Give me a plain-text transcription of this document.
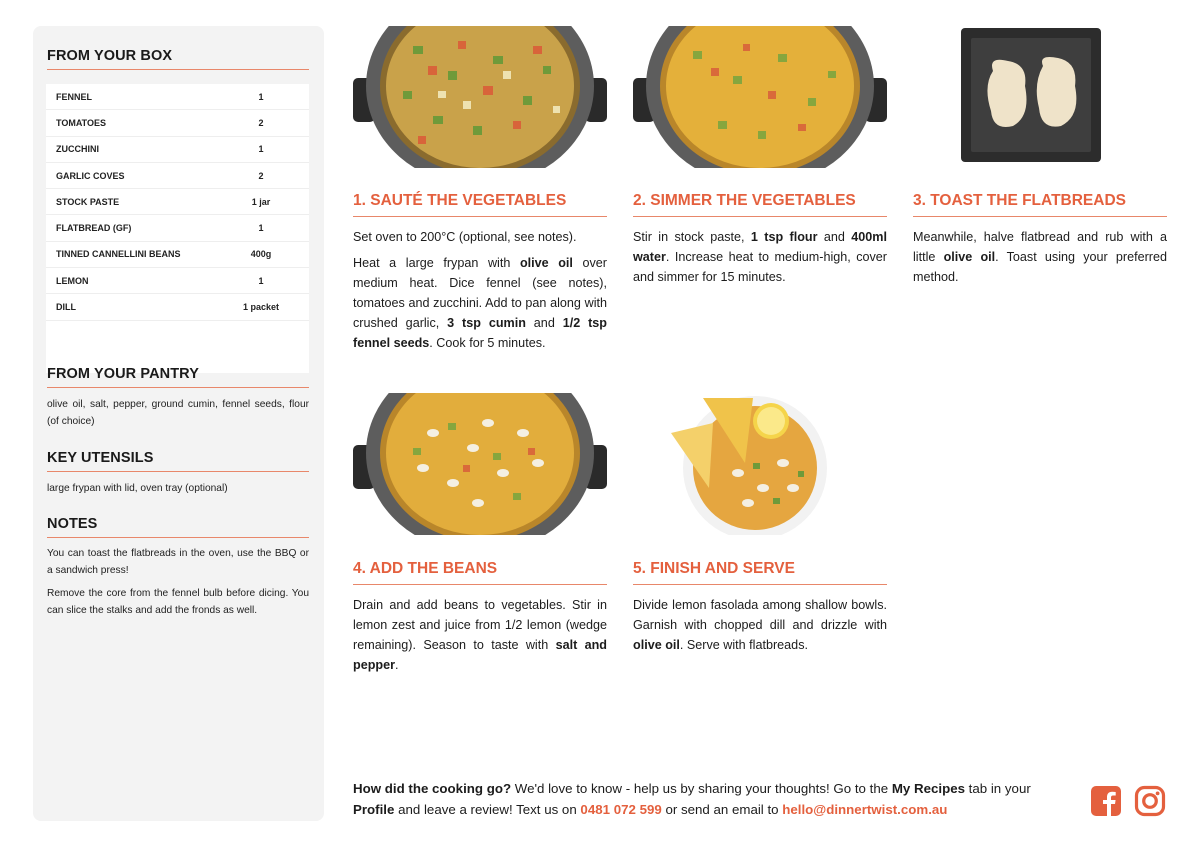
FROM YOUR BOX
FENNEL	1
TOMATOES	2
ZUCCHINI	1
GARLIC COVES	2
STOCK PASTE	1 jar
FLATBREAD (GF)	1
TINNED CANNELLINI BEANS	400g
LEMON	1
DILL	1 packet
FROM YOUR PANTRY
olive oil, salt, pepper, ground cumin, fennel seeds, flour (of choice)
KEY UTENSILS
large frypan with lid, oven tray (optional)
NOTES
You can toast the flatbreads in the oven, use the BBQ or a sandwich press!
Remove the core from the fennel bulb before dicing. You can slice the stalks and add the fronds as well.
1. SAUTÉ THE VEGETABLES

Set oven to 200°C (optional, see notes).

Heat a large frypan with olive oil over medium heat. Dice fennel (see notes), tomatoes and zucchini. Add to pan along with crushed garlic, 3 tsp cumin and 1/2 tsp fennel seeds. Cook for 5 minutes.

2. SIMMER THE VEGETABLES

Stir in stock paste, 1 tsp flour and 400ml water. Increase heat to medium-high, cover and simmer for 15 minutes.

3. TOAST THE FLATBREADS

Meanwhile, halve flatbread and rub with a little olive oil. Toast using your preferred method.

4. ADD THE BEANS

Drain and add beans to vegetables. Stir in lemon zest and juice from 1/2 lemon (wedge remaining). Season to taste with salt and pepper.

5. FINISH AND SERVE

Divide lemon fasolada among shallow bowls. Garnish with chopped dill and drizzle with olive oil. Serve with flatbreads.

How did the cooking go? We'd love to know - help us by sharing your thoughts! Go to the My Recipes tab in your Profile and leave a review! Text us on 0481 072 599 or send an email to hello@dinnertwist.com.au
